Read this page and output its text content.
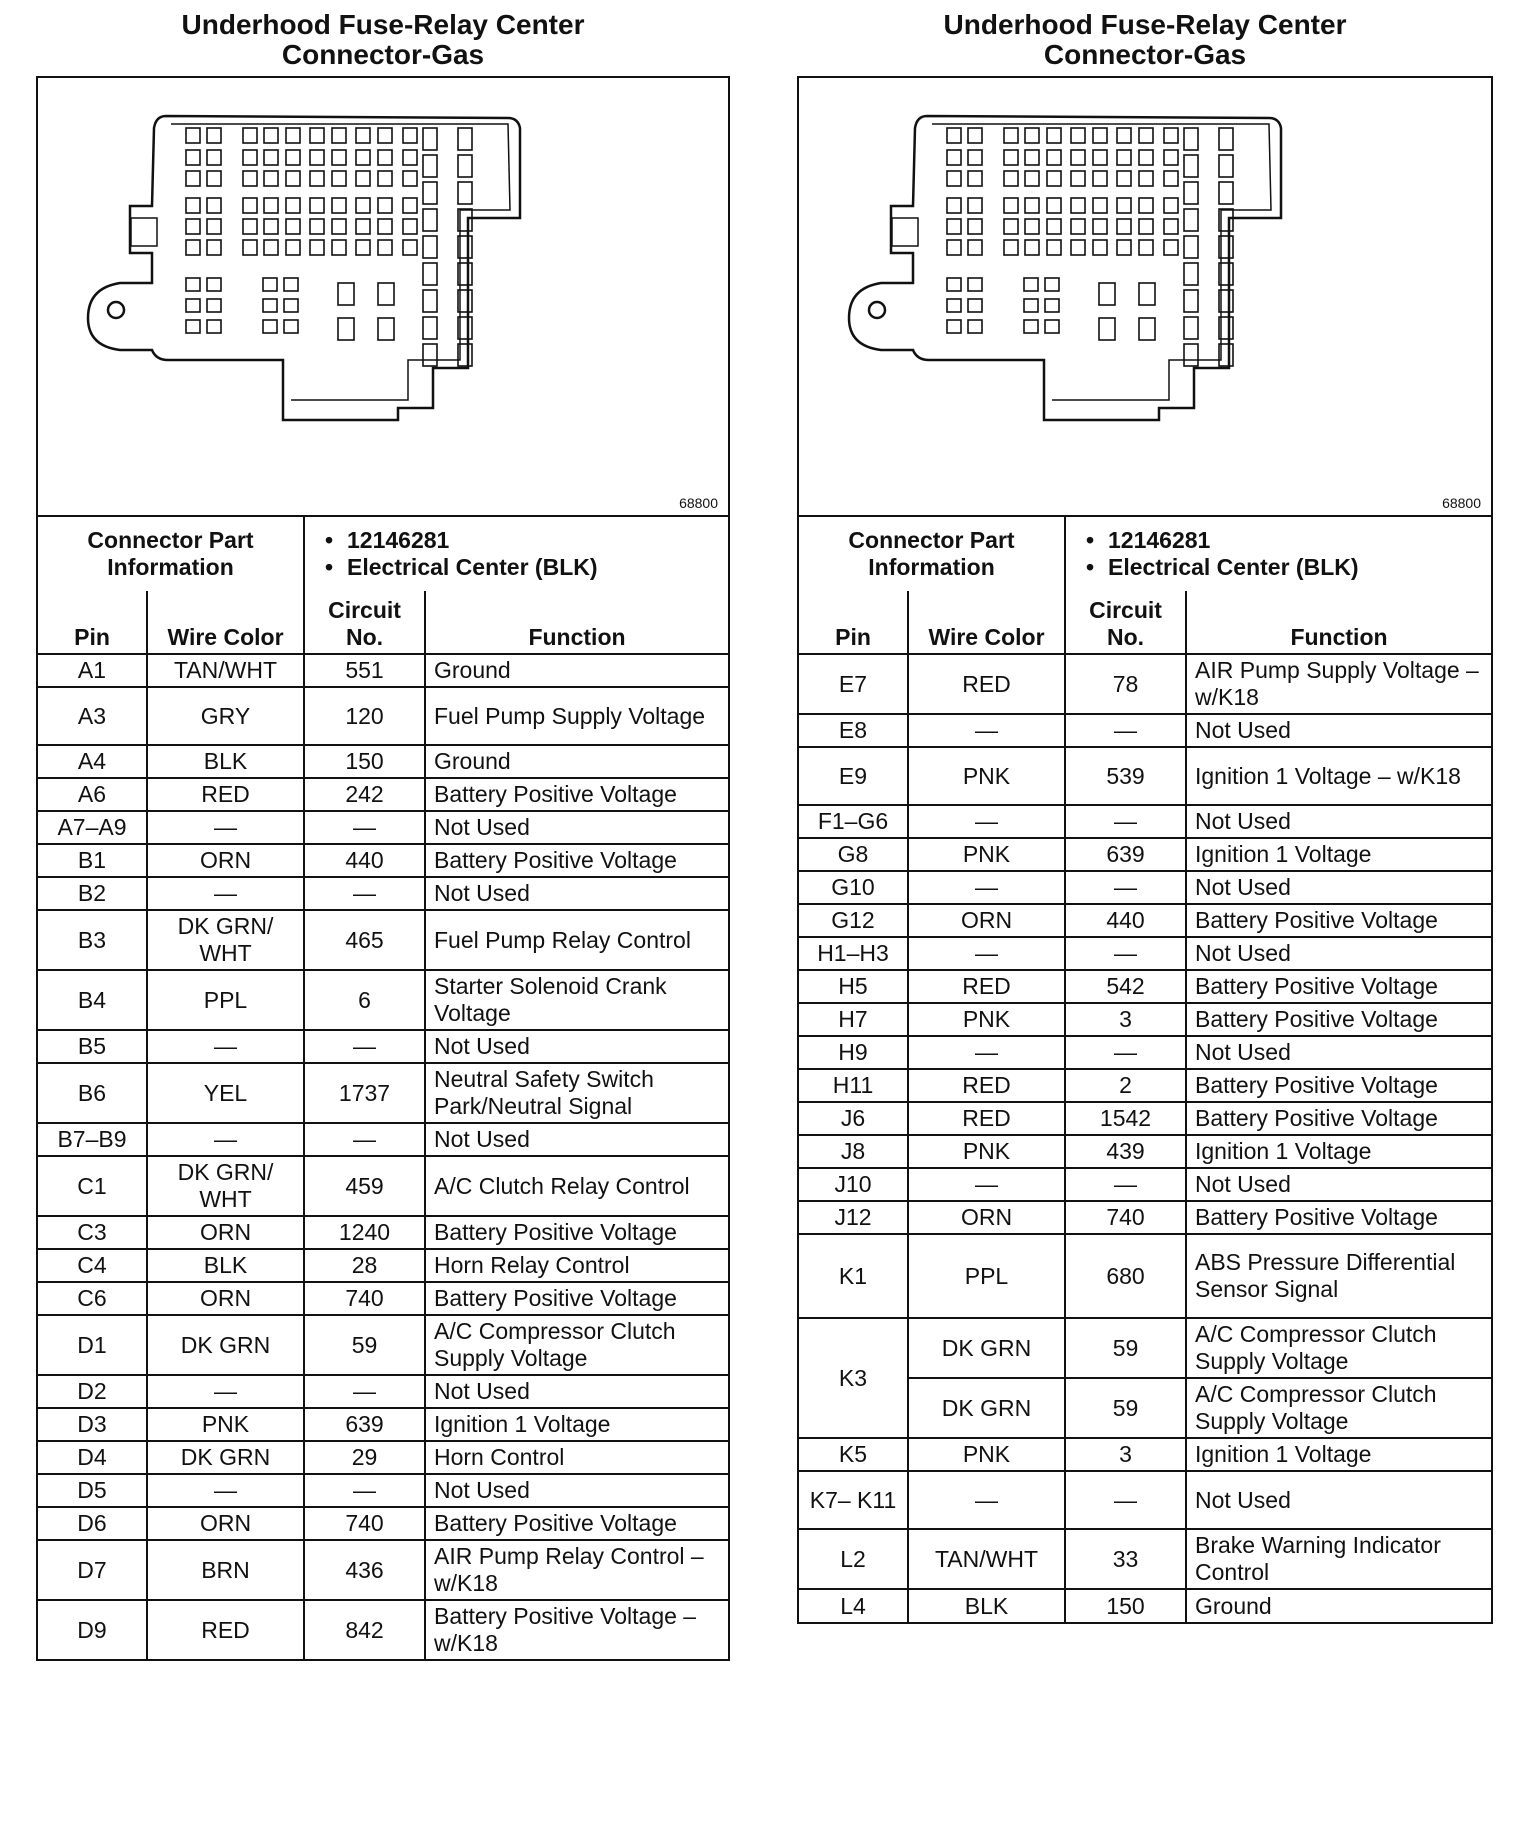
Underhood Fuse-Relay Center
Connector-Gas
68800
Connector Part
Information

• 12146281
• Electrical Center (BLK)
Pin	Wire Color	Circuit No.	Function
A1	TAN/WHT	551	Ground
A3	GRY	120	Fuel Pump Supply Voltage
A4	BLK	150	Ground
A6	RED	242	Battery Positive Voltage
A7–A9	—	—	Not Used
B1	ORN	440	Battery Positive Voltage
B2	—	—	Not Used
B3	DK GRN/ WHT	465	Fuel Pump Relay Control
B4	PPL	6	Starter Solenoid Crank Voltage
B5	—	—	Not Used
B6	YEL	1737	Neutral Safety Switch Park/Neutral Signal
B7–B9	—	—	Not Used
C1	DK GRN/ WHT	459	A/C Clutch Relay Control
C3	ORN	1240	Battery Positive Voltage
C4	BLK	28	Horn Relay Control
C6	ORN	740	Battery Positive Voltage
D1	DK GRN	59	A/C Compressor Clutch Supply Voltage
D2	—	—	Not Used
D3	PNK	639	Ignition 1 Voltage
D4	DK GRN	29	Horn Control
D5	—	—	Not Used
D6	ORN	740	Battery Positive Voltage
D7	BRN	436	AIR Pump Relay Control – w/K18
D9	RED	842	Battery Positive Voltage – w/K18
Underhood Fuse-Relay Center
Connector-Gas
68800
Connector Part
Information

• 12146281
• Electrical Center (BLK)
Pin	Wire Color	Circuit No.	Function
E7	RED	78	AIR Pump Supply Voltage – w/K18
E8	—	—	Not Used
E9	PNK	539	Ignition 1 Voltage – w/K18
F1–G6	—	—	Not Used
G8	PNK	639	Ignition 1 Voltage
G10	—	—	Not Used
G12	ORN	440	Battery Positive Voltage
H1–H3	—	—	Not Used
H5	RED	542	Battery Positive Voltage
H7	PNK	3	Battery Positive Voltage
H9	—	—	Not Used
H11	RED	2	Battery Positive Voltage
J6	RED	1542	Battery Positive Voltage
J8	PNK	439	Ignition 1 Voltage
J10	—	—	Not Used
J12	ORN	740	Battery Positive Voltage
K1	PPL	680	ABS Pressure Differential Sensor Signal
K3	DK GRN	59	A/C Compressor Clutch Supply Voltage
	DK GRN	59	A/C Compressor Clutch Supply Voltage
K5	PNK	3	Ignition 1 Voltage
K7– K11	—	—	Not Used
L2	TAN/WHT	33	Brake Warning Indicator Control
L4	BLK	150	Ground
